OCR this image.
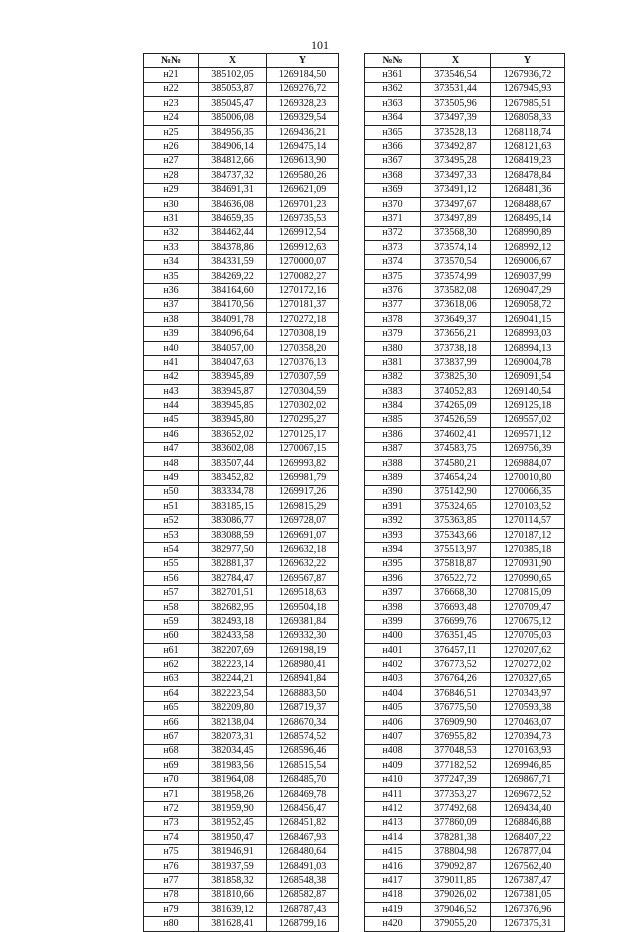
101
№№	X	Y
н21	385102,05	1269184,50
н22	385053,87	1269276,72
н23	385045,47	1269328,23
н24	385006,08	1269329,54
н25	384956,35	1269436,21
н26	384906,14	1269475,14
н27	384812,66	1269613,90
н28	384737,32	1269580,26
н29	384691,31	1269621,09
н30	384636,08	1269701,23
н31	384659,35	1269735,53
н32	384462,44	1269912,54
н33	384378,86	1269912,63
н34	384331,59	1270000,07
н35	384269,22	1270082,27
н36	384164,60	1270172,16
н37	384170,56	1270181,37
н38	384091,78	1270272,18
н39	384096,64	1270308,19
н40	384057,00	1270358,20
н41	384047,63	1270376,13
н42	383945,89	1270307,59
н43	383945,87	1270304,59
н44	383945,85	1270302,02
н45	383945,80	1270295,27
н46	383652,02	1270125,17
н47	383602,08	1270067,15
н48	383507,44	1269993,82
н49	383452,82	1269981,79
н50	383334,78	1269917,26
н51	383185,15	1269815,29
н52	383086,77	1269728,07
н53	383088,59	1269691,07
н54	382977,50	1269632,18
н55	382881,37	1269632,22
н56	382784,47	1269567,87
н57	382701,51	1269518,63
н58	382682,95	1269504,18
н59	382493,18	1269381,84
н60	382433,58	1269332,30
н61	382207,69	1269198,19
н62	382223,14	1268980,41
н63	382244,21	1268941,84
н64	382223,54	1268883,50
н65	382209,80	1268719,37
н66	382138,04	1268670,34
н67	382073,31	1268574,52
н68	382034,45	1268596,46
н69	381983,56	1268515,54
н70	381964,08	1268485,70
н71	381958,26	1268469,78
н72	381959,90	1268456,47
н73	381952,45	1268451,82
н74	381950,47	1268467,93
н75	381946,91	1268480,64
н76	381937,59	1268491,03
н77	381858,32	1268548,38
н78	381810,66	1268582,87
н79	381639,12	1268787,43
н80	381628,41	1268799,16
№№	X	Y
н361	373546,54	1267936,72
н362	373531,44	1267945,93
н363	373505,96	1267985,51
н364	373497,39	1268058,33
н365	373528,13	1268118,74
н366	373492,87	1268121,63
н367	373495,28	1268419,23
н368	373497,33	1268478,84
н369	373491,12	1268481,36
н370	373497,67	1268488,67
н371	373497,89	1268495,14
н372	373568,30	1268990,89
н373	373574,14	1268992,12
н374	373570,54	1269006,67
н375	373574,99	1269037,99
н376	373582,08	1269047,29
н377	373618,06	1269058,72
н378	373649,37	1269041,15
н379	373656,21	1268993,03
н380	373738,18	1268994,13
н381	373837,99	1269004,78
н382	373825,30	1269091,54
н383	374052,83	1269140,54
н384	374265,09	1269125,18
н385	374526,59	1269557,02
н386	374602,41	1269571,12
н387	374583,75	1269756,39
н388	374580,21	1269884,07
н389	374654,24	1270010,80
н390	375142,90	1270066,35
н391	375324,65	1270103,52
н392	375363,85	1270114,57
н393	375343,66	1270187,12
н394	375513,97	1270385,18
н395	375818,87	1270931,90
н396	376522,72	1270990,65
н397	376668,30	1270815,09
н398	376693,48	1270709,47
н399	376699,76	1270675,12
н400	376351,45	1270705,03
н401	376457,11	1270207,62
н402	376773,52	1270272,02
н403	376764,26	1270327,65
н404	376846,51	1270343,97
н405	376775,50	1270593,38
н406	376909,90	1270463,07
н407	376955,82	1270394,73
н408	377048,53	1270163,93
н409	377182,52	1269946,85
н410	377247,39	1269867,71
н411	377353,27	1269672,52
н412	377492,68	1269434,40
н413	377860,09	1268846,88
н414	378281,38	1268407,22
н415	378804,98	1267877,04
н416	379092,87	1267562,40
н417	379011,85	1267387,47
н418	379026,02	1267381,05
н419	379046,52	1267376,96
н420	379055,20	1267375,31
